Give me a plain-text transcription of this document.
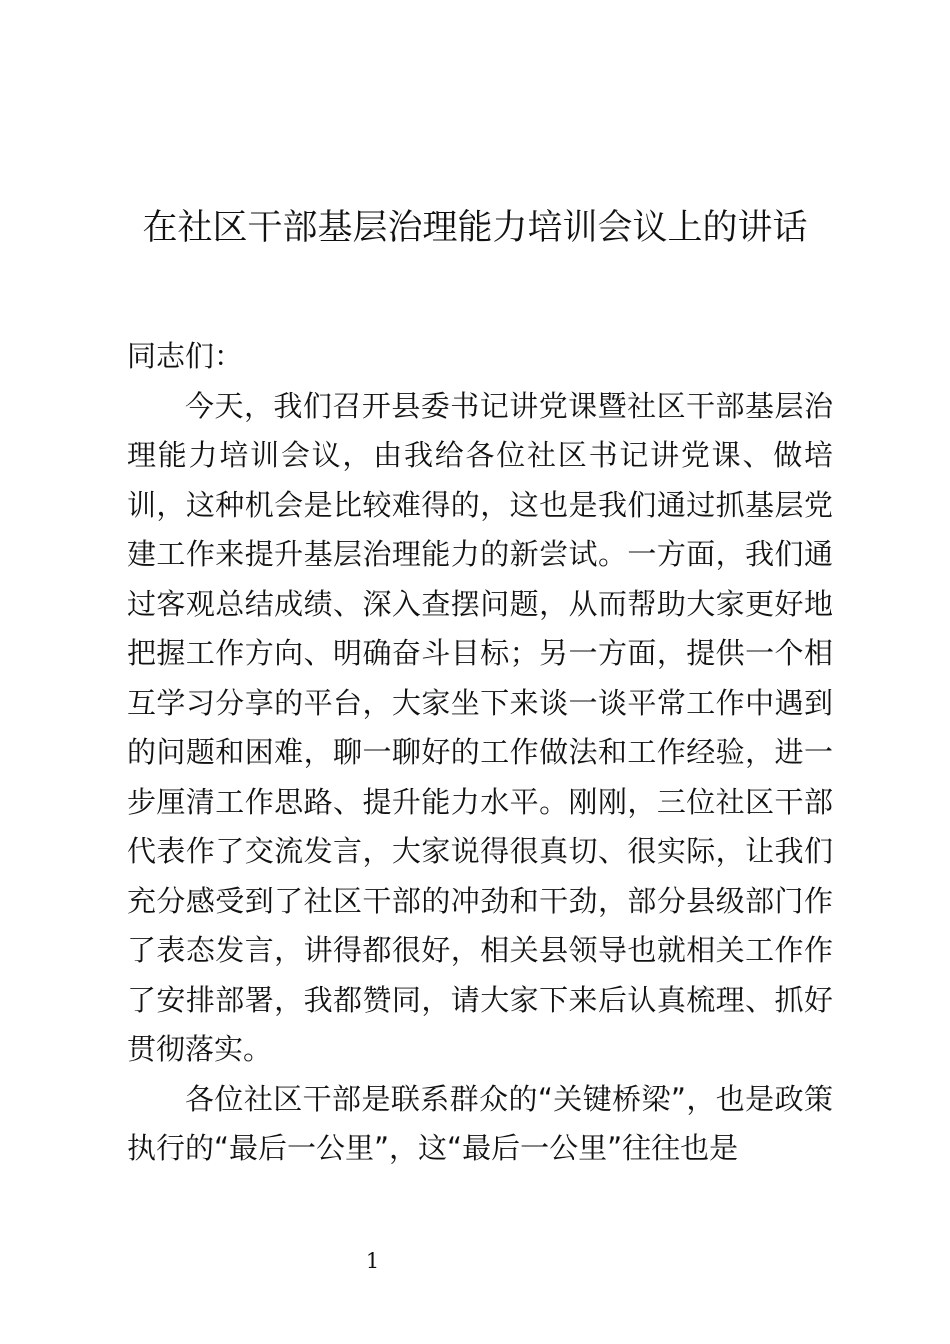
在社区干部基层治理能力培训会议上的讲话

同志们：

今天，我们召开县委书记讲党课暨社区干部基层治理能力培训会议，由我给各位社区书记讲党课、做培训，这种机会是比较难得的，这也是我们通过抓基层党建工作来提升基层治理能力的新尝试。一方面，我们通过客观总结成绩、深入查摆问题，从而帮助大家更好地把握工作方向、明确奋斗目标；另一方面，提供一个相互学习分享的平台，大家坐下来谈一谈平常工作中遇到的问题和困难，聊一聊好的工作做法和工作经验，进一步厘清工作思路、提升能力水平。刚刚，三位社区干部代表作了交流发言，大家说得很真切、很实际，让我们充分感受到了社区干部的冲劲和干劲，部分县级部门作了表态发言，讲得都很好，相关县领导也就相关工作作了安排部署，我都赞同，请大家下来后认真梳理、抓好贯彻落实。

各位社区干部是联系群众的“关键桥梁”，也是政策执行的“最后一公里”，这“最后一公里”往往也是

1
